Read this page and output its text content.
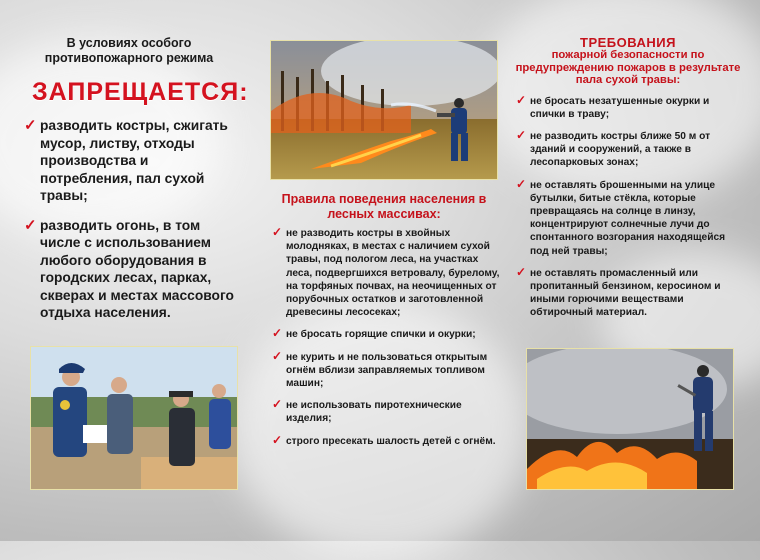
В условиях особого противопожарного режима
ЗАПРЕЩАЕТСЯ:
✓ разводить костры, сжигать мусор, листву, отходы производства и потребления, пал сухой травы;
✓ разводить огонь, в том числе с использованием любого оборудования в городских лесах, парках, скверах и местах массового отдыха населения.
Правила поведения населения в лесных массивах:
✓ не разводить костры в хвойных молодняках, в местах с наличием сухой травы, под пологом леса, на участках леса, подвергшихся ветровалу, бурелому, на торфяных почвах, на неочищенных от порубочных остатков и заготовленной древесины лесосеках;
✓ не бросать горящие спички и окурки;
✓ не курить и не пользоваться открытым огнём вблизи заправляемых топливом машин;
✓ не использовать пиротехнические изделия;
✓ строго пресекать шалость детей с огнём.
ТРЕБОВАНИЯ
пожарной безопасности по предупреждению пожаров в результате пала сухой травы:
✓ не бросать незатушенные окурки и спички в траву;
✓ не разводить костры ближе 50 м от зданий и сооружений, а также в лесопарковых зонах;
✓ не оставлять брошенными на улице бутылки, битые стёкла, которые превращаясь на солнце в линзу, концентрируют солнечные лучи до спонтанного возгорания находящейся под ней травы;
✓ не оставлять промасленный или пропитанный бензином, керосином и иными горючими веществами обтирочный материал.
